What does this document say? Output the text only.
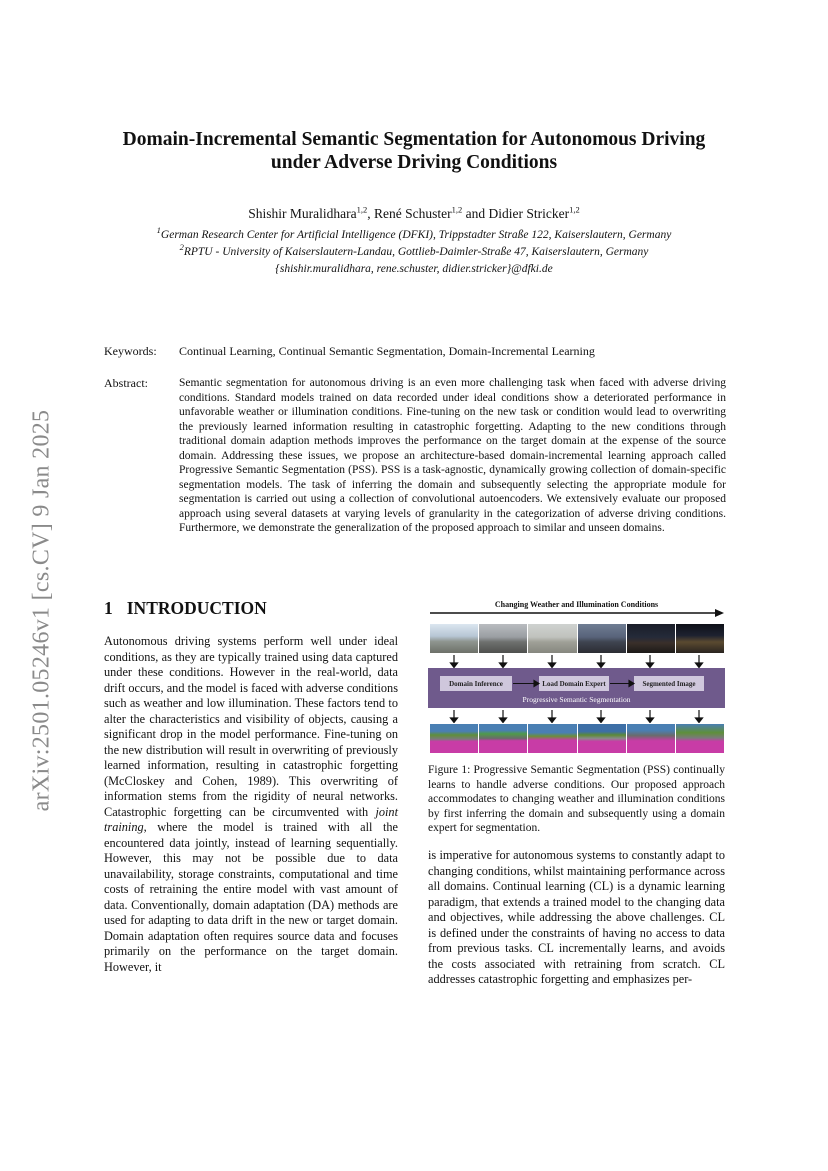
arXiv:2501.05246v1 [cs.CV] 9 Jan 2025
Domain-Incremental Semantic Segmentation for Autonomous Driving
under Adverse Driving Conditions
Shishir Muralidhara$^{1,2}$, René Schuster$^{1,2}$ and Didier Stricker$^{1,2}$
$^1$German Research Center for Artificial Intelligence (DFKI), Trippstadter Straße 122, Kaiserslautern, Germany
$^2$RPTU - University of Kaiserslautern-Landau, Gottlieb-Daimler-Straße 47, Kaiserslautern, Germany
{shishir.muralidhara, rene.schuster, didier.stricker}@dfki.de
Keywords: Continual Learning, Continual Semantic Segmentation, Domain-Incremental Learning
Abstract:	Semantic segmentation for autonomous driving is an even more challenging task when faced with adverse driving conditions. Standard models trained on data recorded under ideal conditions show a deteriorated performance in unfavorable weather or illumination conditions. Fine-tuning on the new task or condition would lead to overwriting the previously learned information resulting in catastrophic forgetting. Adapting to the new conditions through traditional domain adaption methods improves the performance on the target domain at the expense of the source domain. Addressing these issues, we propose an architecture-based domain-incremental learning approach called Progressive Semantic Segmentation (PSS). PSS is a task-agnostic, dynamically growing collection of domain-specific segmentation models. The task of inferring the domain and subsequently selecting the appropriate module for segmentation is carried out using a collection of convolutional autoencoders. We extensively evaluate our proposed approach using several datasets at varying levels of granularity in the categorization of adverse driving conditions. Furthermore, we demonstrate the generalization of the proposed approach to similar and unseen domains.
1 INTRODUCTION
Autonomous driving systems perform well under ideal conditions, as they are typically trained using data captured under these conditions. However in the real-world, data drift occurs, and the model is faced with adverse conditions such as weather and low illumination. These factors tend to alter the characteristics and visibility of objects, causing a significant drop in the model performance. Fine-tuning on the new distribution will result in overwriting of previously learned information, resulting in catastrophic forgetting (McCloskey and Cohen, 1989). This overwriting of information stems from the rigidity of neural networks. Catastrophic forgetting can be circumvented with joint training, where the model is trained with all the encountered data jointly, instead of learning sequentially. However, this may not be possible due to data unavailability, storage constraints, computational and time costs of retraining the entire model with vast amount of data. Conventionally, domain adaptation (DA) methods are used for adapting to data drift in the new or target domain. Domain adaptation often requires source data and focuses primarily on the performance on the target domain. However, it
Changing Weather and Illumination Conditions
Domain Inference	Load Domain Expert	Segmented Image
Progressive Semantic Segmentation
Figure 1: Progressive Semantic Segmentation (PSS) continually learns to handle adverse conditions. Our proposed approach accommodates to changing weather and illumination conditions by first inferring the domain and subsequently using a domain expert for segmentation.
is imperative for autonomous systems to constantly adapt to changing conditions, whilst maintaining performance across all domains. Continual learning (CL) is a dynamic learning paradigm, that extends a trained model to the changing data and objectives, while addressing the above challenges. CL is defined under the constraints of having no access to data from previous tasks. CL incrementally learns, and avoids the costs associated with retraining from scratch. CL addresses catastrophic forgetting and emphasizes per-
